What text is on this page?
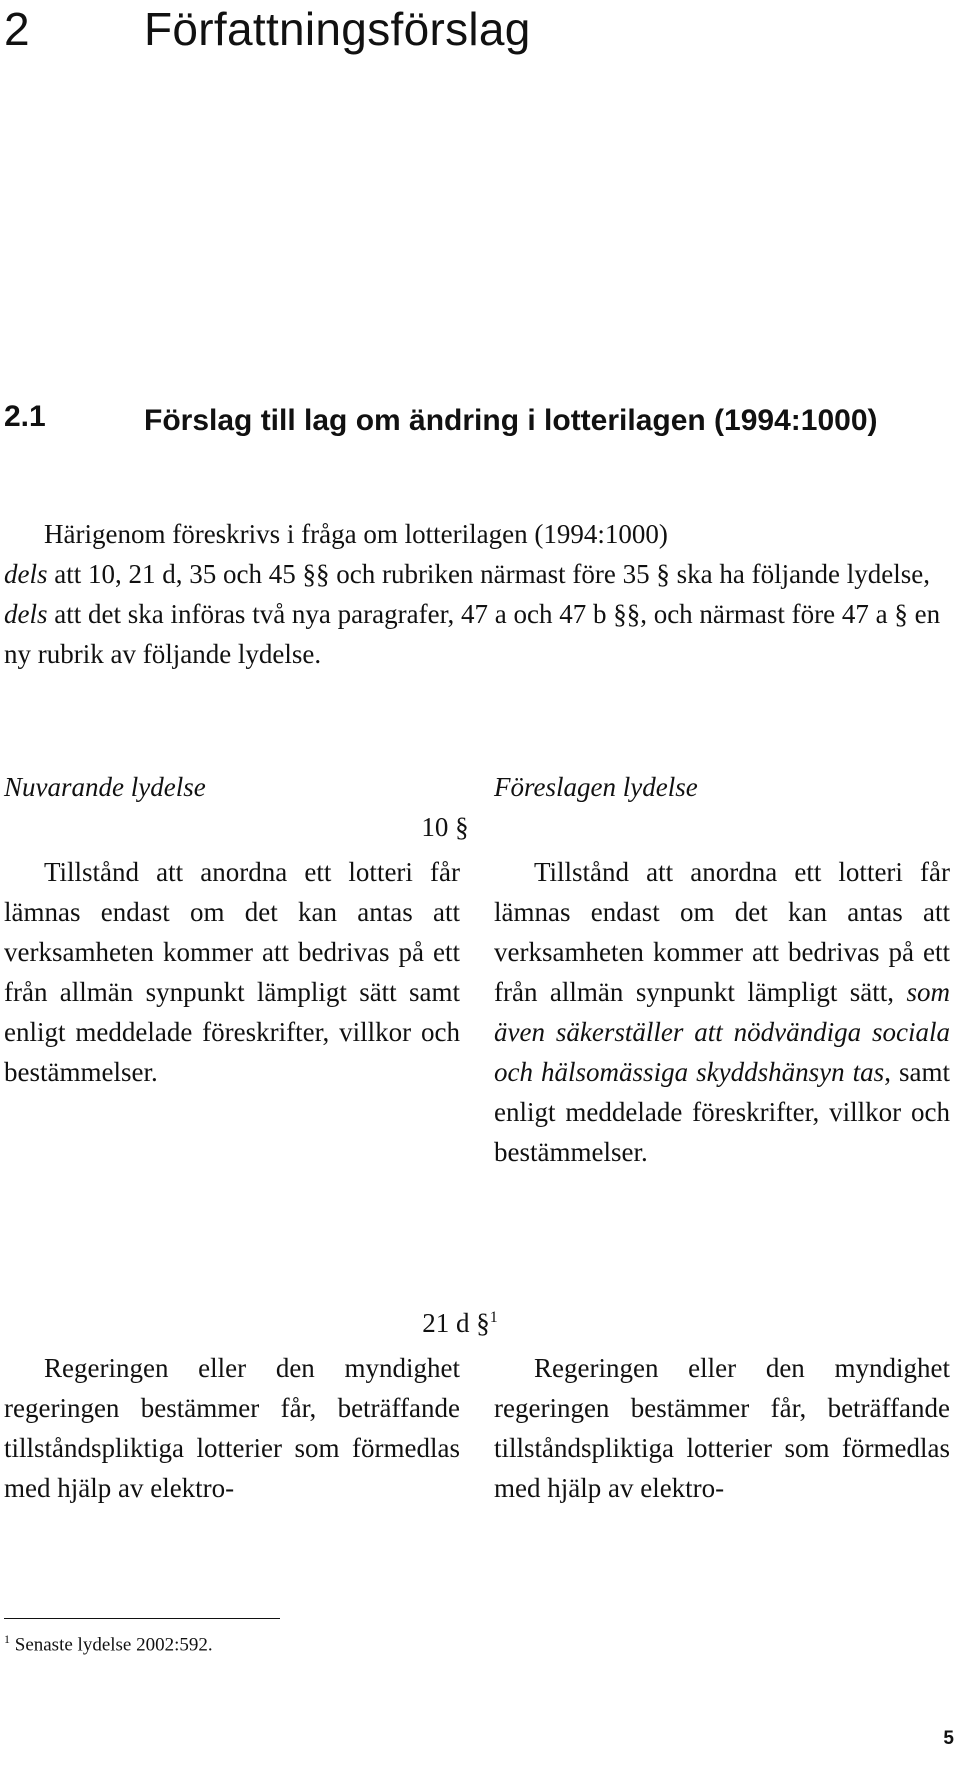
2 Författningsförslag
2.1	Förslag till lag om ändring i lotterilagen (1994:1000)

Härigenom föreskrivs i fråga om lotterilagen (1994:1000)

dels att 10, 21 d, 35 och 45 §§ och rubriken närmast före 35 § ska ha följande lydelse,

dels att det ska införas två nya paragrafer, 47 a och 47 b §§, och närmast före 47 a § en ny rubrik av följande lydelse.

Nuvarande lydelse	Föreslagen lydelse
10 §
Tillstånd att anordna ett lotteri får lämnas endast om det kan antas att verksamheten kommer att bedrivas på ett från allmän synpunkt lämpligt sätt samt enligt meddelade föreskrifter, villkor och bestämmelser.
Tillstånd att anordna ett lotteri får lämnas endast om det kan antas att verksamheten kommer att bedrivas på ett från allmän synpunkt lämpligt sätt, som även säkerställer att nödvändiga sociala och hälsomässiga skyddshänsyn tas, samt enligt meddelade föreskrifter, villkor och bestämmelser.
21 d §$^1$
Regeringen eller den myndighet regeringen bestämmer får, beträffande tillståndspliktiga lotterier som förmedlas med hjälp av elektro-
Regeringen eller den myndighet regeringen bestämmer får, beträffande tillståndspliktiga lotterier som förmedlas med hjälp av elektro-
$^1$ Senaste lydelse 2002:592.
5
